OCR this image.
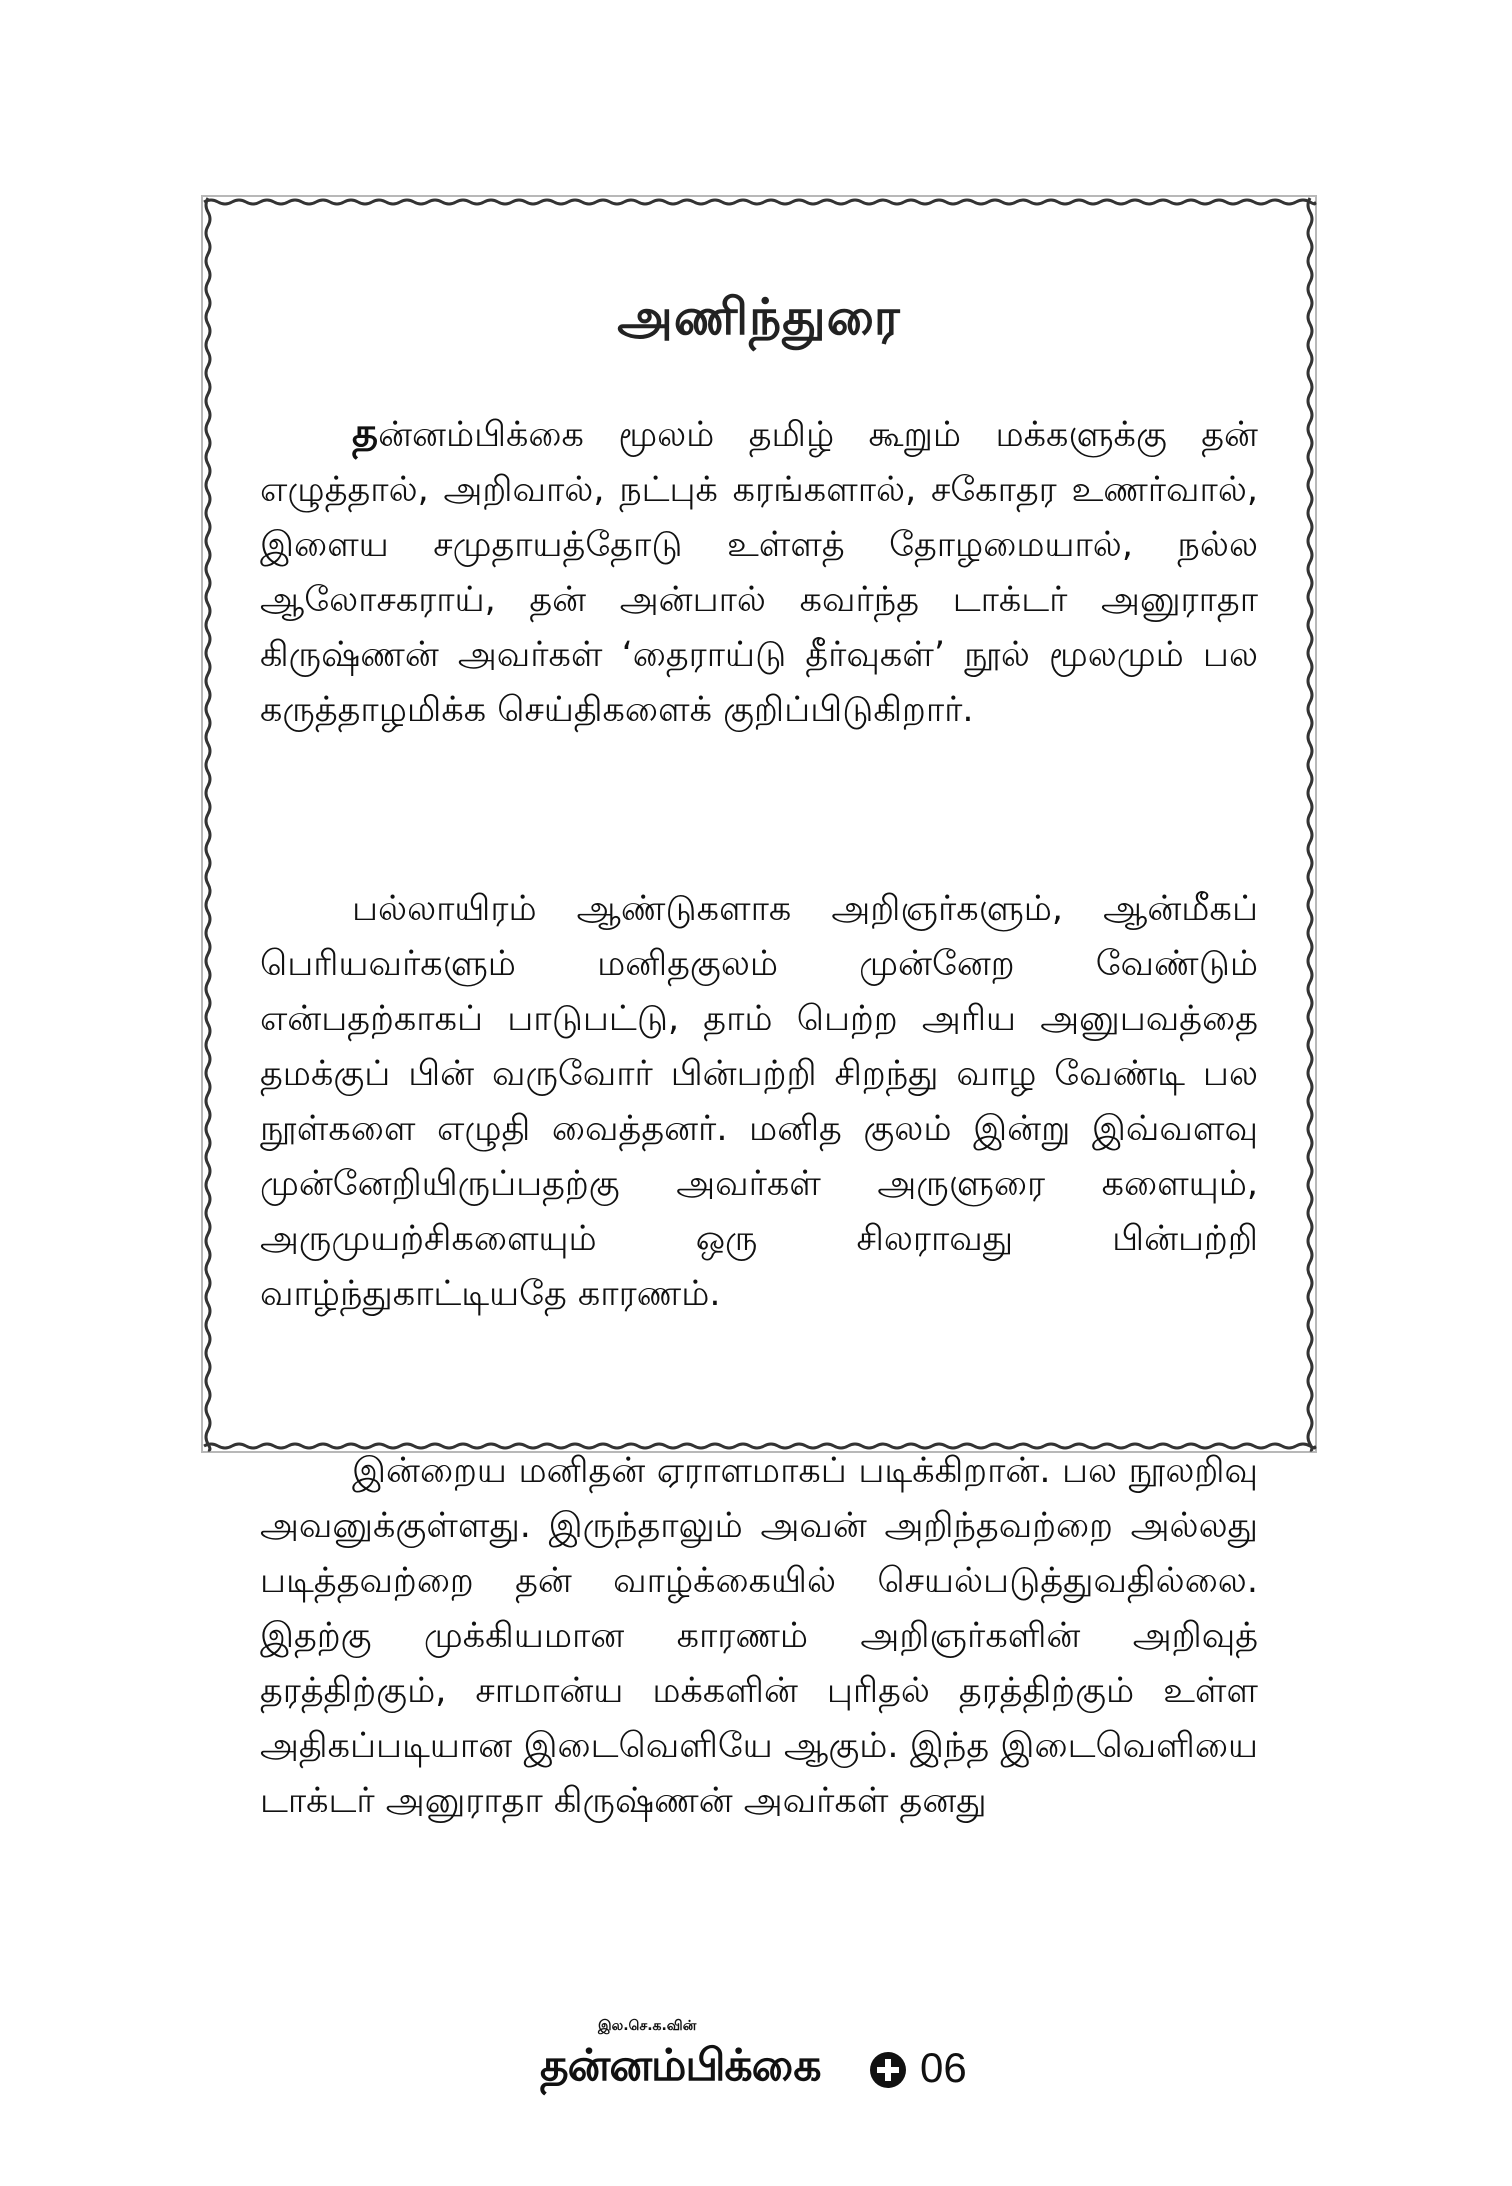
அணிந்துரை

தன்னம்பிக்கை மூலம் தமிழ் கூறும் மக்களுக்கு தன் எழுத்தால், அறிவால், நட்புக் கரங்களால், சகோதர உணர்வால், இளைய சமுதாயத்தோடு உள்ளத் தோழமையால், நல்ல ஆலோசகராய், தன் அன்பால் கவர்ந்த டாக்டர் அனுராதா கிருஷ்ணன் அவர்கள் ‘தைராய்டு தீர்வுகள்’ நூல் மூலமும் பல கருத்தாழமிக்க செய்திகளைக் குறிப்பிடுகிறார்.

பல்லாயிரம் ஆண்டுகளாக அறிஞர்களும், ஆன்மீகப் பெரியவர்களும் மனிதகுலம் முன்னேற வேண்டும் என்பதற்காகப் பாடுபட்டு, தாம் பெற்ற அரிய அனுபவத்தை தமக்குப் பின் வருவோர் பின்பற்றி சிறந்து வாழ வேண்டி பல நூள்களை எழுதி வைத்தனர். மனித குலம் இன்று இவ்வளவு முன்னேறியிருப்பதற்கு அவர்கள் அருளுரை களையும், அருமுயற்சிகளையும் ஒரு சிலராவது பின்பற்றி வாழ்ந்துகாட்டியதே காரணம்.

இன்றைய மனிதன் ஏராளமாகப் படிக்கிறான். பல நூலறிவு அவனுக்குள்ளது. இருந்தாலும் அவன் அறிந்தவற்றை அல்லது படித்தவற்றை தன் வாழ்க்கையில் செயல்படுத்துவதில்லை. இதற்கு முக்கியமான காரணம் அறிஞர்களின் அறிவுத் தரத்திற்கும், சாமான்ய மக்களின் புரிதல் தரத்திற்கும் உள்ள அதிகப்படியான இடைவெளியே ஆகும். இந்த இடைவெளியை டாக்டர் அனுராதா கிருஷ்ணன் அவர்கள் தனது

இல.செ.க.வின்
தன்னம்பிக்கை 06
